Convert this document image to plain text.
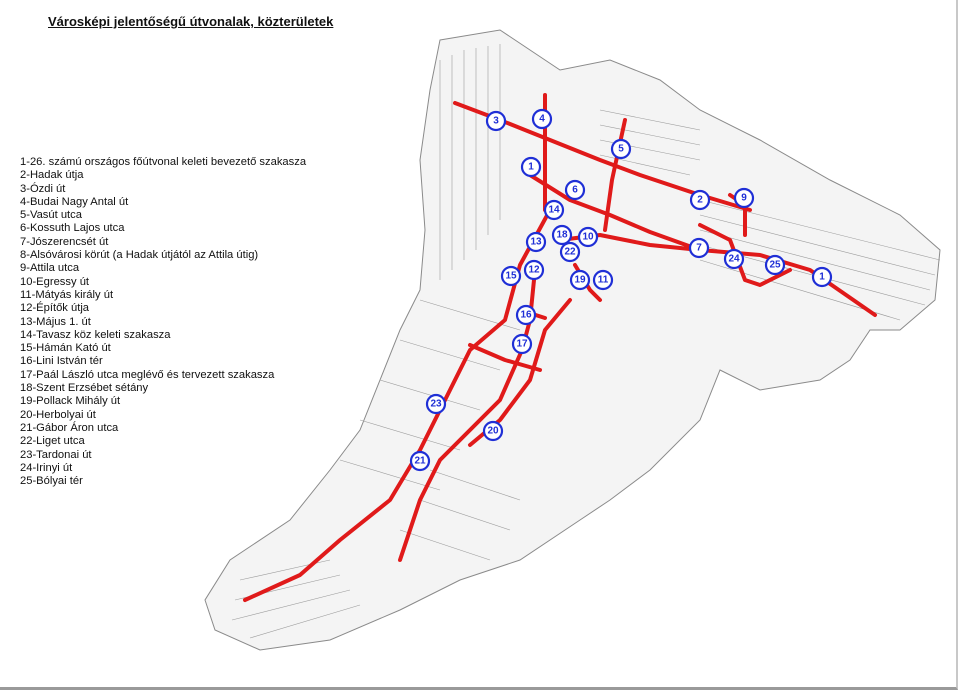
Városképi jelentőségű útvonalak, közterületek
1-26. számú országos főútvonal keleti bevezető szakasza
2-Hadak útja
3-Ózdi út
4-Budai Nagy Antal út
5-Vasút utca
6-Kossuth Lajos utca
7-Jószerencsét út
8-Alsóvárosi körút (a Hadak útjától az Attila útig)
9-Attila utca
10-Egressy út
11-Mátyás király út
12-Építők útja
13-Május 1. út
14-Tavasz köz keleti szakasza
15-Hámán Kató út
16-Lini István tér
17-Paál László utca meglévő és tervezett szakasza
18-Szent Erzsébet sétány
19-Pollack Mihály út
20-Herbolyai út
21-Gábor Áron utca
22-Liget utca
23-Tardonai út
24-Irinyi út
25-Bólyai tér
3	4
5
1
6
14
18 10
13
22
2	9
7
24
25
1
15
12
19 11
16
17
23
20
21
